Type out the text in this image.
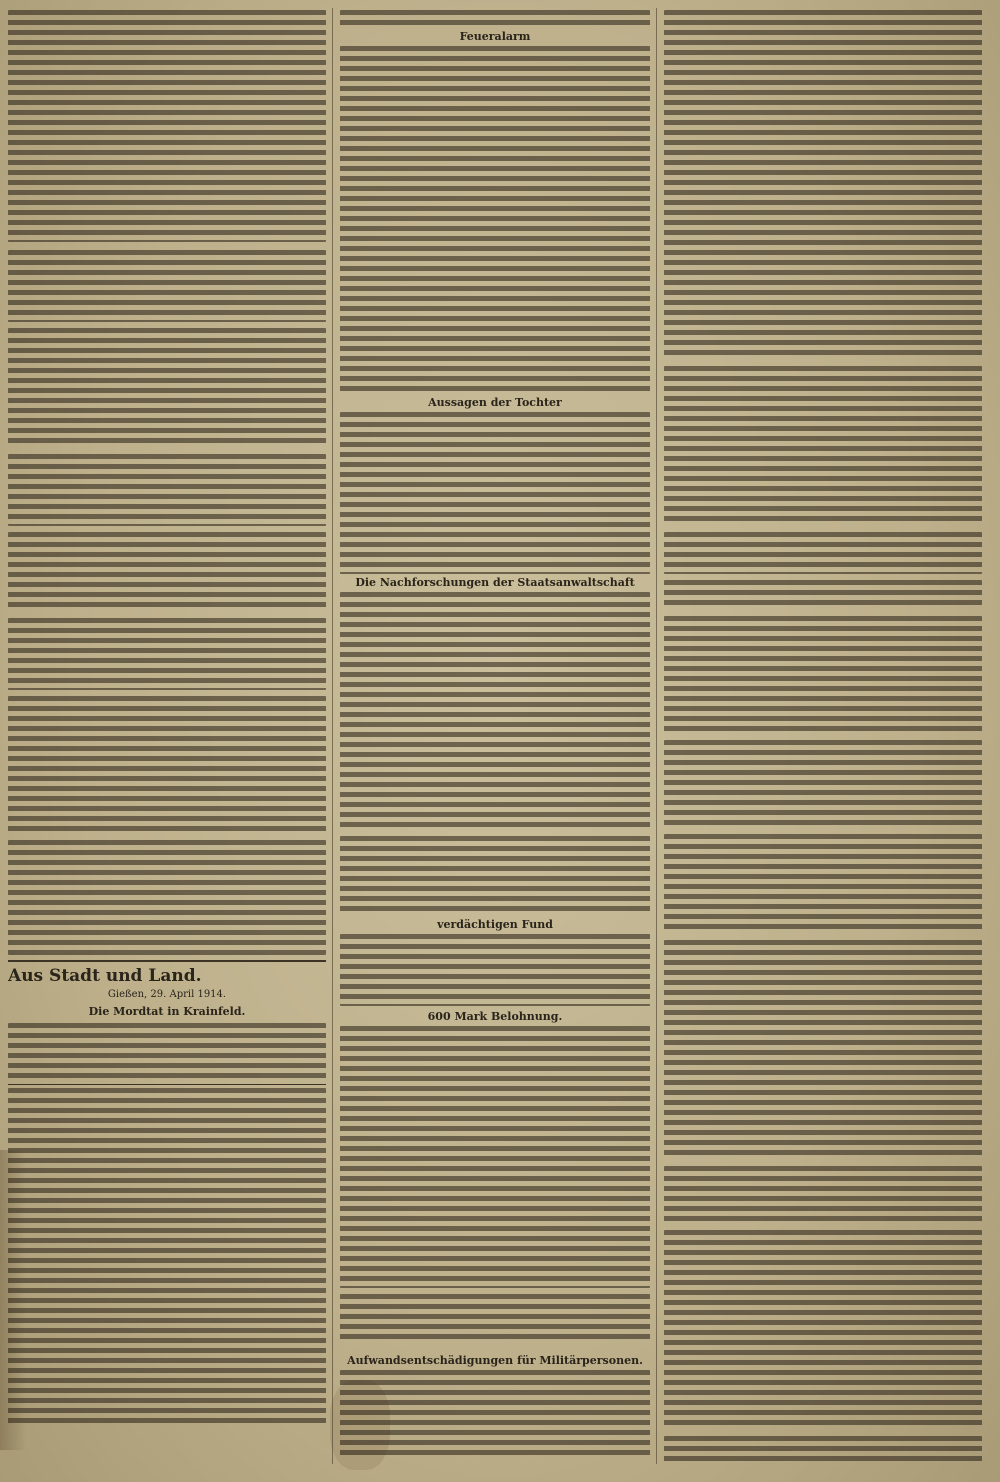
Aus Stadt und Land.
Gießen, 29. April 1914.
Die Mordtat in Krainfeld.
Feueralarm
Aussagen der Tochter
Die Nachforschungen der Staatsanwaltschaft
verdächtigen Fund
600 Mark Belohnung.
Aufwandsentschädigungen für Militärpersonen.
